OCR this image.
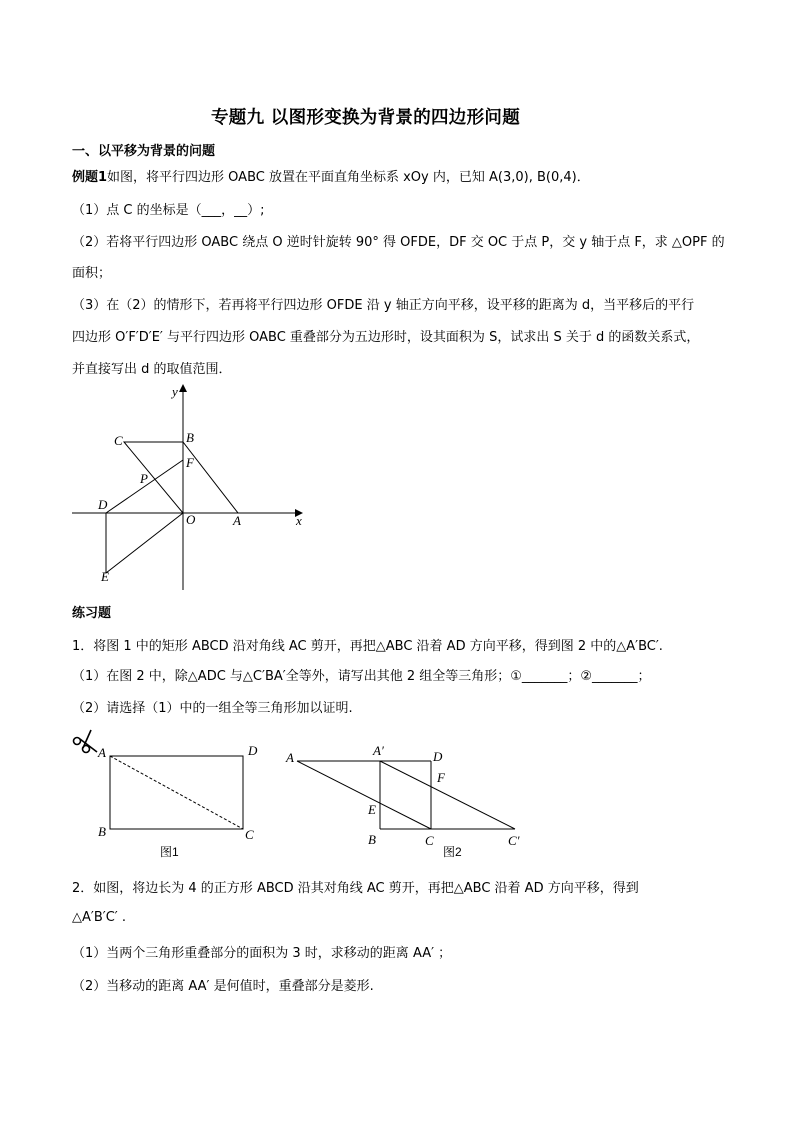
专题九 以图形变换为背景的四边形问题
一、以平移为背景的问题
例题1如图，将平行四边形 OABC 放置在平面直角坐标系 xOy 内，已知 A(3,0), B(0,4)．
（1）点 C 的坐标是（___，__）;
（2）若将平行四边形 OABC 绕点 O 逆时针旋转 90° 得 OFDE，DF 交 OC 于点 P，交 y 轴于点 F，求 △OPF 的
面积；
（3）在（2）的情形下，若再将平行四边形 OFDE 沿 y 轴正方向平移，设平移的距离为 d，当平移后的平行
四边形 O′F′D′E′ 与平行四边形 OABC 重叠部分为五边形时，设其面积为 S，试求出 S 关于 d 的函数关系式，
并直接写出 d 的取值范围．
y
x
C	B
F
P
D
O	A
E
练习题
1．将图 1 中的矩形 ABCD 沿对角线 AC 剪开，再把△ABC 沿着 AD 方向平移，得到图 2 中的△A′BC′.
（1）在图 2 中，除△ADC 与△C′BA′全等外，请写出其他 2 组全等三角形；①_______；②_______；
（2）请选择（1）中的一组全等三角形加以证明.
A	D
B	C
图1
A	A′	D
F
E
B	C	C′
图2
2．如图，将边长为 4 的正方形 ABCD 沿其对角线 AC 剪开，再把△ABC 沿着 AD 方向平移，得到
△A′B′C′ .
（1）当两个三角形重叠部分的面积为 3 时，求移动的距离 AA′ ；
（2）当移动的距离 AA′ 是何值时，重叠部分是菱形.
